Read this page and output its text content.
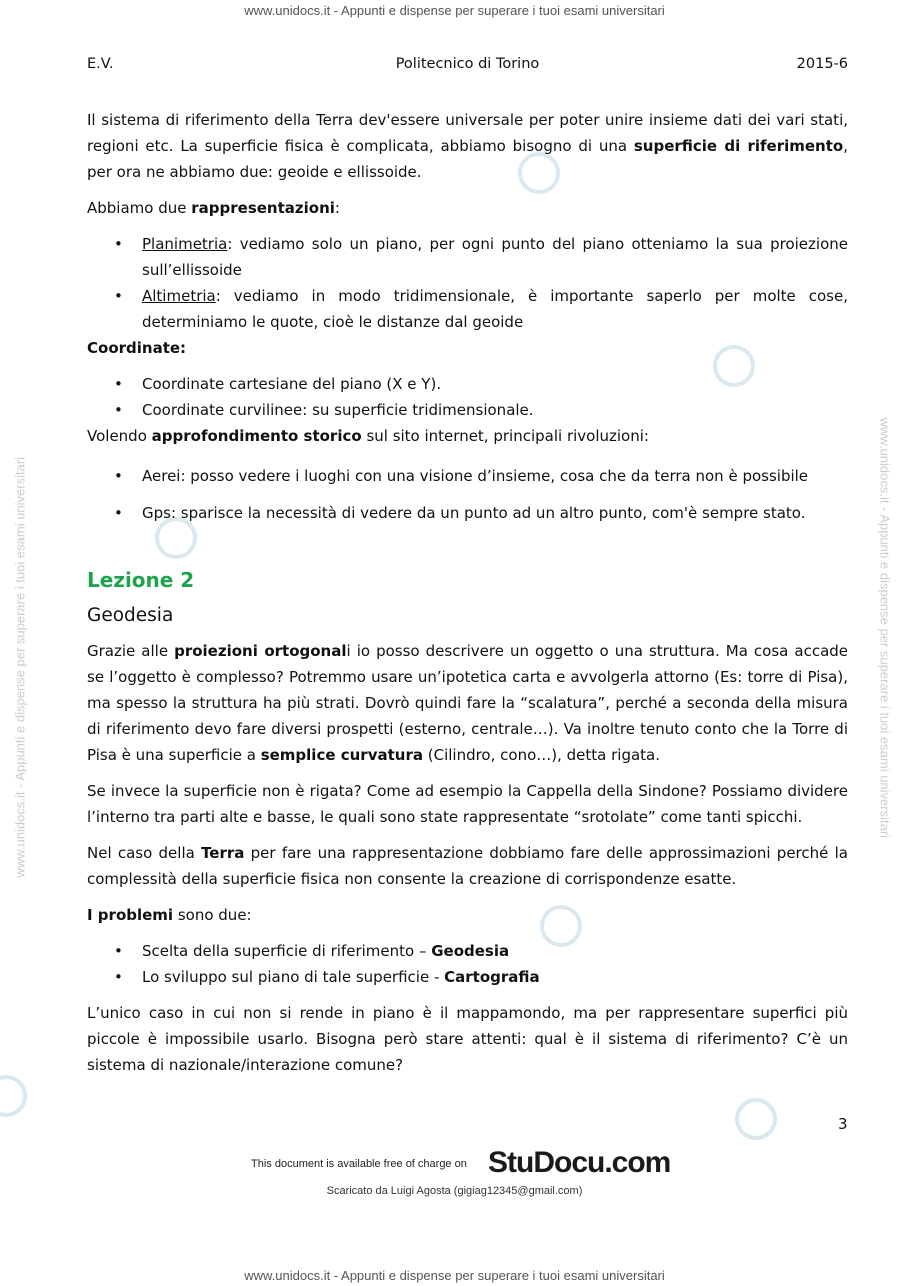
www.unidocs.it - Appunti e dispense per superare i tuoi esami universitari
www.unidocs.it - Appunti e dispense per superare i tuoi esami universitari	www.unidocs.it - Appunti e dispense per superare i tuoi esami universitari
Politecnico di Torino
E.V.	2015-6

Il sistema di riferimento della Terra dev'essere universale per poter unire insieme dati dei vari stati, regioni etc. La superficie fisica è complicata, abbiamo bisogno di una superficie di riferimento, per ora ne abbiamo due: geoide e ellissoide.

Abbiamo due rappresentazioni:

• Planimetria: vediamo solo un piano, per ogni punto del piano otteniamo la sua proiezione sull’ellissoide
• Altimetria: vediamo in modo tridimensionale, è importante saperlo per molte cose, determiniamo le quote, cioè le distanze dal geoide

Coordinate:

• Coordinate cartesiane del piano (X e Y).
• Coordinate curvilinee: su superficie tridimensionale.

Volendo approfondimento storico sul sito internet, principali rivoluzioni:

• Aerei: posso vedere i luoghi con una visione d’insieme, cosa che da terra non è possibile
• Gps: sparisce la necessità di vedere da un punto ad un altro punto, com'è sempre stato.
Lezione 2
Geodesia

Grazie alle proiezioni ortogonali io posso descrivere un oggetto o una struttura. Ma cosa accade se l’oggetto è complesso? Potremmo usare un’ipotetica carta e avvolgerla attorno (Es: torre di Pisa), ma spesso la struttura ha più strati. Dovrò quindi fare la “scalatura”, perché a seconda della misura di riferimento devo fare diversi prospetti (esterno, centrale…). Va inoltre tenuto conto che la Torre di Pisa è una superficie a semplice curvatura (Cilindro, cono…), detta rigata.

Se invece la superficie non è rigata? Come ad esempio la Cappella della Sindone? Possiamo dividere l’interno tra parti alte e basse, le quali sono state rappresentate “srotolate” come tanti spicchi.

Nel caso della Terra per fare una rappresentazione dobbiamo fare delle approssimazioni perché la complessità della superficie fisica non consente la creazione di corrispondenze esatte.

I problemi sono due:

• Scelta della superficie di riferimento – Geodesia
• Lo sviluppo sul piano di tale superficie - Cartografia

L’unico caso in cui non si rende in piano è il mappamondo, ma per rappresentare superfici più piccole è impossibile usarlo. Bisogna però stare attenti: qual è il sistema di riferimento? C’è un sistema di nazionale/interazione comune?

3
This document is available free of charge on StuDocu.com
Scaricato da Luigi Agosta (gigiag12345@gmail.com)
www.unidocs.it - Appunti e dispense per superare i tuoi esami universitari
